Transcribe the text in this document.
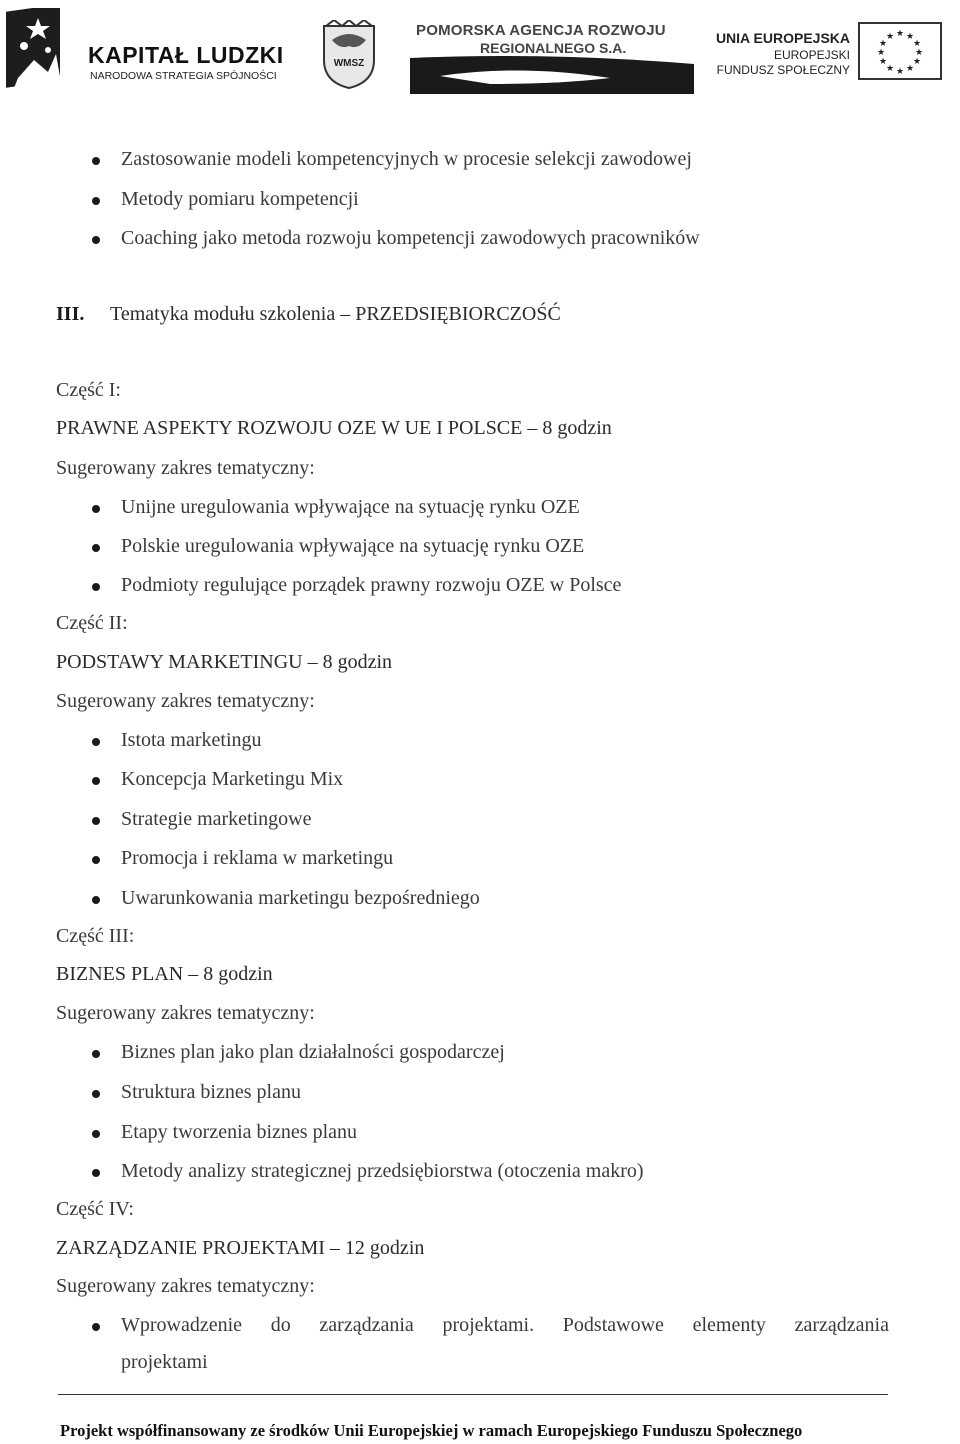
KAPITAŁ LUDZKI
NARODOWA STRATEGIA SPÓJNOŚCI
WMSZ
POMORSKA AGENCJA ROZWOJU
REGIONALNEGO S.A.
UNIA EUROPEJSKA
EUROPEJSKI
FUNDUSZ SPOŁECZNY
★ ★
★
★
★
★
★
★
★
★
★
★
Zastosowanie modeli kompetencyjnych w procesie selekcji zawodowej
Metody pomiaru kompetencji
Coaching jako metoda rozwoju kompetencji zawodowych pracowników
III. Tematyka modułu szkolenia – PRZEDSIĘBIORCZOŚĆ
Część I:
PRAWNE ASPEKTY ROZWOJU OZE W UE I POLSCE – 8 godzin
Sugerowany zakres tematyczny:
Unijne uregulowania wpływające na sytuację rynku OZE
Polskie uregulowania wpływające na sytuację rynku OZE
Podmioty regulujące porządek prawny rozwoju OZE w Polsce
Część II:
PODSTAWY MARKETINGU – 8 godzin
Sugerowany zakres tematyczny:
Istota marketingu
Koncepcja Marketingu Mix
Strategie marketingowe
Promocja i reklama w marketingu
Uwarunkowania marketingu bezpośredniego
Część III:
BIZNES PLAN – 8 godzin
Sugerowany zakres tematyczny:
Biznes plan jako plan działalności gospodarczej
Struktura biznes planu
Etapy tworzenia biznes planu
Metody analizy strategicznej przedsiębiorstwa (otoczenia makro)
Część IV:
ZARZĄDZANIE PROJEKTAMI – 12 godzin
Sugerowany zakres tematyczny:
Wprowadzenie do zarządzania projektami. Podstawowe elementy zarządzania
projektami
Projekt współfinansowany ze środków Unii Europejskiej w ramach Europejskiego Funduszu Społecznego
